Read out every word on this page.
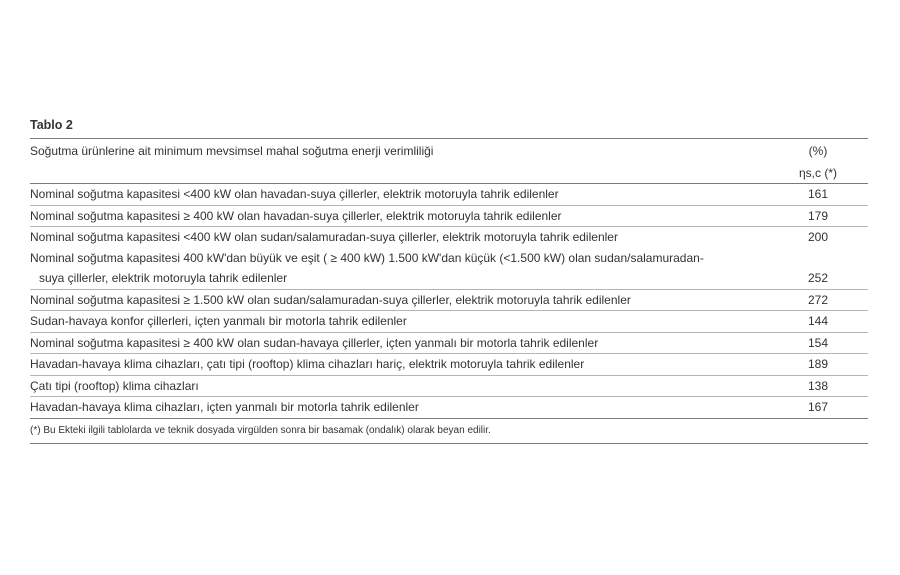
Tablo 2
Soğutma ürünlerine ait minimum mevsimsel mahal soğutma enerji verimliliği	(%)
	ηs,c (*)
Nominal soğutma kapasitesi <400 kW olan havadan-suya çillerler, elektrik motoruyla tahrik edilenler	161
Nominal soğutma kapasitesi ≥ 400 kW olan havadan-suya çillerler, elektrik motoruyla tahrik edilenler	179
Nominal soğutma kapasitesi <400 kW olan sudan/salamuradan-suya çillerler, elektrik motoruyla tahrik edilenler	200

Nominal soğutma kapasitesi 400 kW'dan büyük ve eşit ( ≥ 400 kW) 1.500 kW'dan küçük (<1.500 kW) olan sudan/salamuradan-
suya çillerler, elektrik motoruyla tahrik edilenler	252
Nominal soğutma kapasitesi ≥ 1.500 kW olan sudan/salamuradan-suya çillerler, elektrik motoruyla tahrik edilenler	272
Sudan-havaya konfor çillerleri, içten yanmalı bir motorla tahrik edilenler	144
Nominal soğutma kapasitesi ≥ 400 kW olan sudan-havaya çillerler, içten yanmalı bir motorla tahrik edilenler	154
Havadan-havaya klima cihazları, çatı tipi (rooftop) klima cihazları hariç, elektrik motoruyla tahrik edilenler	189
Çatı tipi (rooftop) klima cihazları	138
Havadan-havaya klima cihazları, içten yanmalı bir motorla tahrik edilenler	167
(*) Bu Ekteki ilgili tablolarda ve teknik dosyada virgülden sonra bir basamak (ondalık) olarak beyan edilir.	
